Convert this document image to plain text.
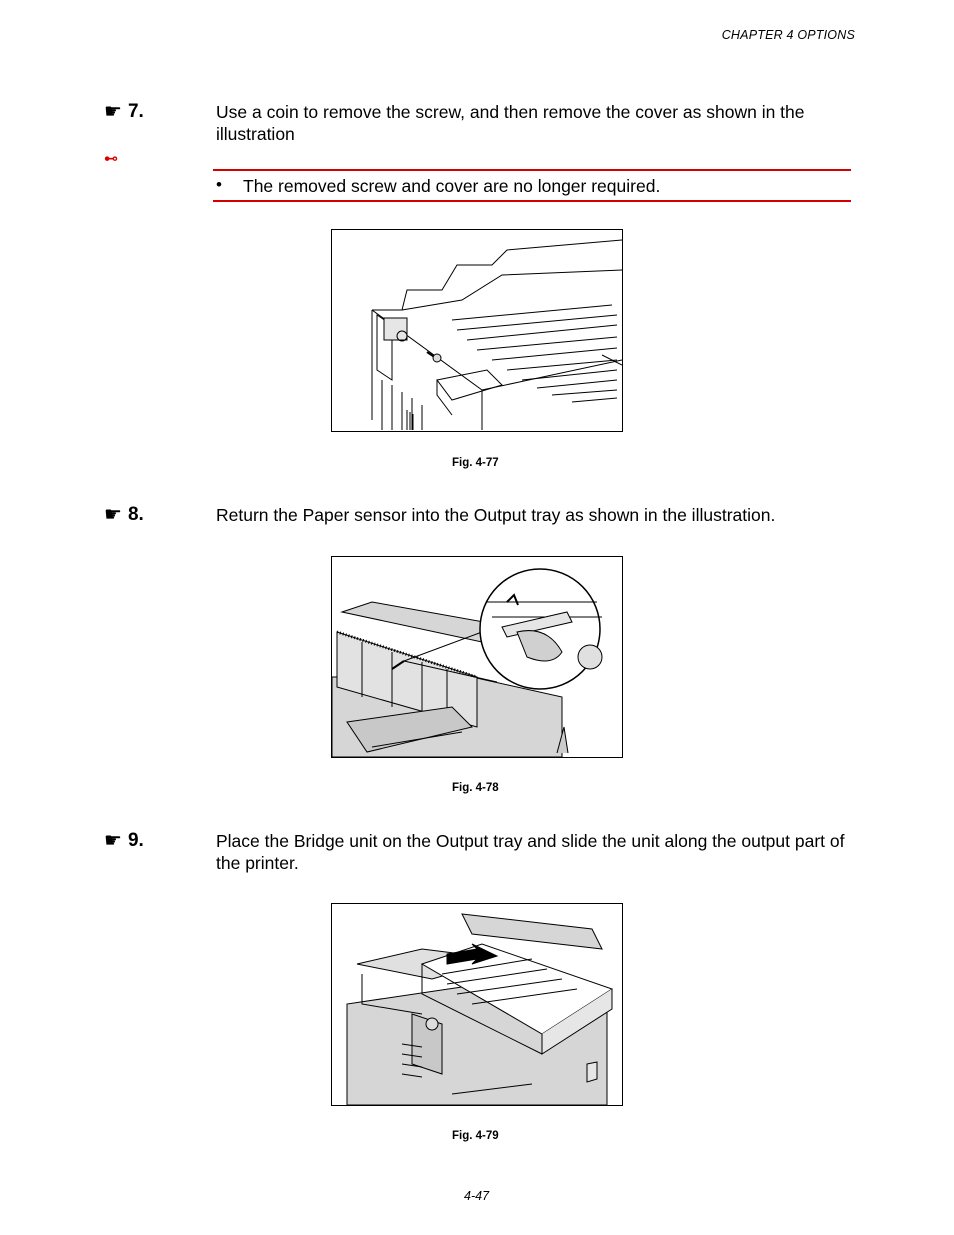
CHAPTER 4 OPTIONS
☛ 7.	Use a coin to remove the screw, and then remove the cover as shown in the illustration
⊷
• The removed screw and cover are no longer required.
Fig. 4-77
☛ 8.	Return the Paper sensor into the Output tray as shown in the illustration.
Fig. 4-78
☛ 9.	Place the Bridge unit on the Output tray and slide the unit along the output part of the printer.
Fig. 4-79
4-47
